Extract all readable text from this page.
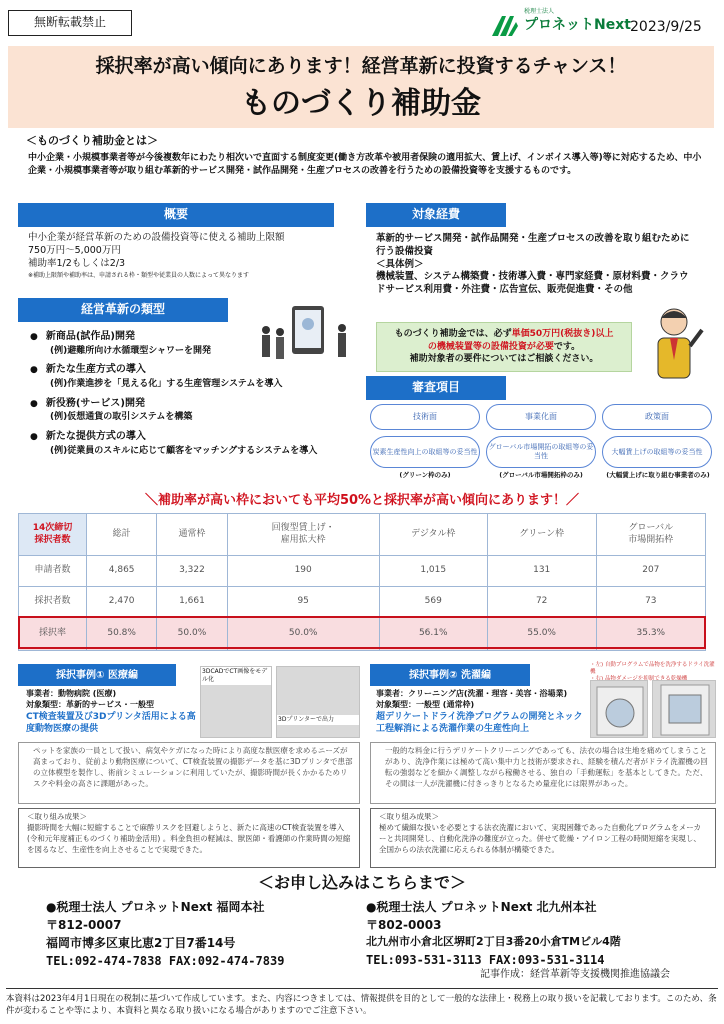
無断転載禁止
税理士法人
プロネットNext 2023/9/25
採択率が高い傾向にあります！経営革新に投資するチャンス！
ものづくり補助金
＜ものづくり補助金とは＞
中小企業・小規模事業者等が今後複数年にわたり相次いで直面する制度変更(働き方改革や被用者保険の適用拡大、賃上げ、インボイス導入等)等に対応するため、中小企業・小規模事業者等が取り組む革新的サービス開発・試作品開発・生産プロセスの改善を行うための設備投資等を支援するものです。
概要
中小企業が経営革新のための設備投資等に使える補助上限額
750万円～5,000万円
補助率1/2もしくは2/3
※補助上限額や補助率は、申請される枠・類型や従業員の人数によって異なります
経営革新の類型
● 新商品(試作品)開発
(例)避難所向け水循環型シャワーを開発
● 新たな生産方式の導入
(例)作業進捗を「見える化」する生産管理システムを導入
● 新役務(サービス)開発
(例)仮想通貨の取引システムを構築
● 新たな提供方式の導入
(例)従業員のスキルに応じて顧客をマッチングするシステムを導入
対象経費
革新的サービス開発・試作品開発・生産プロセスの改善を取り組むために行う設備投資
＜具体例＞
機械装置、システム構築費・技術導入費・専門家経費・原材料費・クラウドサービス利用費・外注費・広告宣伝、販売促進費・その他
ものづくり補助金では、必ず単価50万円(税抜き)以上
の機械装置等の設備投資が必要です。
補助対象者の要件についてはご相談ください。
審査項目
技術面	事業化面	政策面
炭素生産性向上の取組等の妥当性
グローバル市場開拓の取組等の妥当性
大幅賃上げの取組等の妥当性
(グリーン枠のみ)	(グローバル市場開拓枠のみ)	(大幅賃上げに取り組む事業者のみ)
＼補助率が高い枠においても平均50%と採択率が高い傾向にあります！／
14次締切
採択者数	総計	通常枠	回復型賃上げ・
雇用拡大枠	デジタル枠	グリーン枠	グローバル
市場開拓枠
申請者数	4,865	3,322	190	1,015	131	207
採択者数	2,470	1,661	95	569	72	73
採択率	50.8%	50.0%	50.0%	56.1%	55.0%	35.3%
採択事例① 医療編
事業者：動物病院 (医療)
対象類型：革新的サービス・一般型
CT検査装置及び3Dプリンタ活用による高度動物医療の提供
3DCADでCT画像をモデル化
3Dプリンターで出力
ペットを家族の一員として扱い、病気やケガになった時により高度な獣医療を求めるニーズが高まっており、従前より動物医療について、CT検査装置の撮影データを基に3Dプリンタで患部の立体模型を製作し、術前シミュレーションに利用していたが、撮影時間が長くかかるためリスクや料金の高さに課題があった。
＜取り組み成果＞
撮影時間を大幅に短縮することで麻酔リスクを回避しようと、新たに高速のCT検査装置を導入 (令和元年度補正ものづくり補助金活用) 。料金負担の軽減は、獣医師・看護師の作業時間の短縮を図るなど、生産性を向上させることで実現できた。
採択事例② 洗濯編
事業者：クリーニング店(洗濯・理容・美容・浴場業)
対象類型：一般型 (通常枠)
超デリケートドライ洗浄プログラムの開発とネック工程解消による洗濯作業の生産性向上
・左) 自動プログラムで品物を洗浄するドライ洗濯機
一般的な料金に行うデリケートクリーニングであっても、法衣の場合は生地を痛めてしまうことがあり、洗浄作業には極めて高い集中力と技術が要求され、経験を積んだ者がドライ洗濯機の回転の強弱などを細かく調整しながら稼働させる、独自の「手動運転」を基本としてきた。ただ、その間は一人が洗濯機に付きっきりとなるため量産化には限界があった。
＜取り組み成果＞
極めて繊細な扱いを必要とする法衣洗濯において、実現困難であった自動化プログラムをメーカーと共同開発し、自動化洗浄の難度が立った。併せて乾燥・アイロン工程の時間短縮を実現し、全国からの法衣洗濯に応えられる体制が構築できた。
＜お申し込みはこちらまで＞
●税理士法人 プロネットNext 福岡本社
〒812-0007
福岡市博多区東比恵2丁目7番14号
TEL:092-474-7838 FAX:092-474-7839
●税理士法人 プロネットNext 北九州本社
〒802-0003
北九州市小倉北区堺町2丁目3番20小倉TMビル4階
TEL:093-531-3113 FAX:093-531-3114
記事作成：経営革新等支援機関推進協議会
本資料は2023年4月1日現在の税制に基づいて作成しています。また、内容につきましては、情報提供を目的として一般的な法律上・税務上の取り扱いを記載しております。このため、条件が変わることや等により、本資料と異なる取り扱いになる場合がありますのでご注意下さい。
